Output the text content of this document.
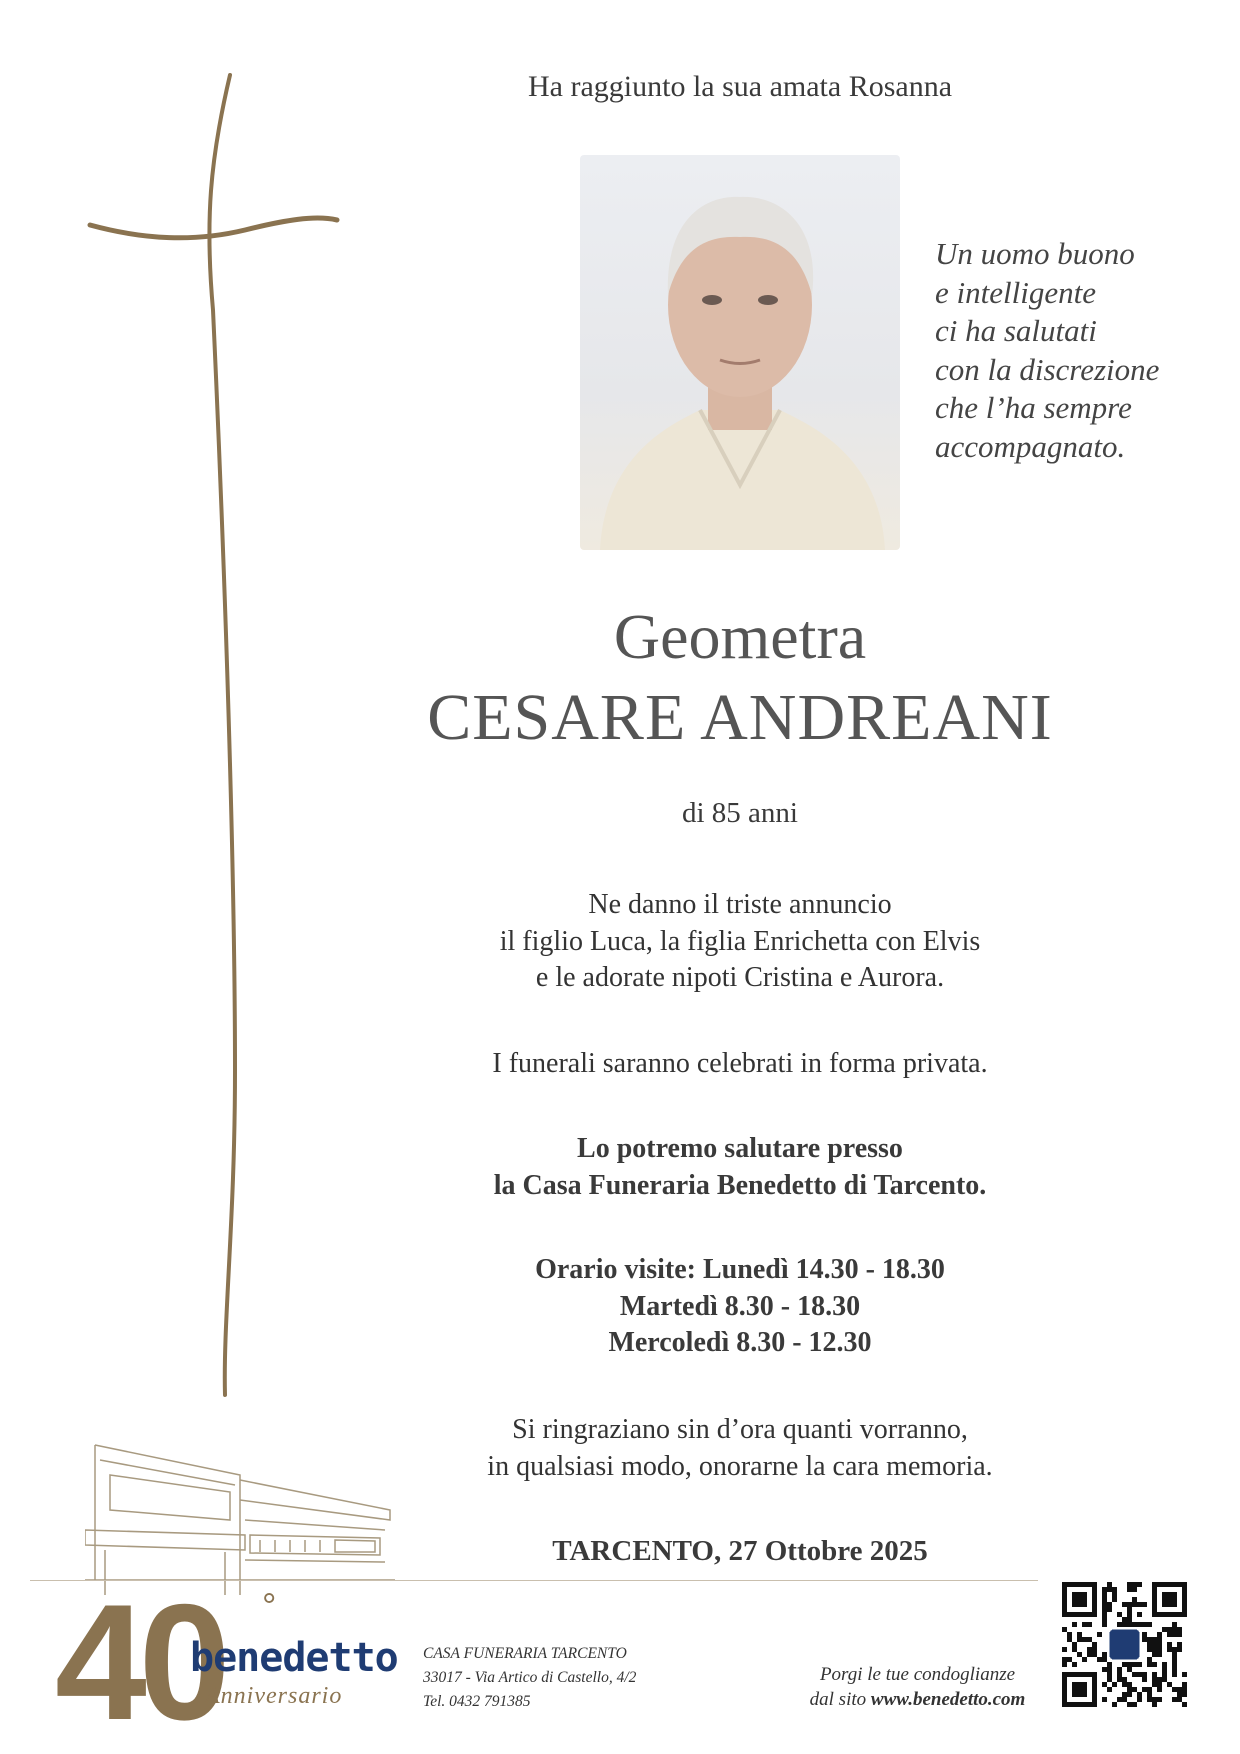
Ha raggiunto la sua amata Rosanna
Un uomo buono
e intelligente
ci ha salutati
con la discrezione
che l’ha sempre
accompagnato.
Geometra
CESARE ANDREANI
di 85 anni
Ne danno il triste annuncio
il figlio Luca, la figlia Enrichetta con Elvis
e le adorate nipoti Cristina e Aurora.
I funerali saranno celebrati in forma privata.
Lo potremo salutare presso
la Casa Funeraria Benedetto di Tarcento.
Orario visite: Lunedì 14.30 - 18.30
Martedì 8.30 - 18.30
Mercoledì 8.30 - 12.30
Si ringraziano sin d’ora quanti vorranno,
in qualsiasi modo, onorarne la cara memoria.
TARCENTO, 27 Ottobre 2025
40 °
benedetto
Anniversario
CASA FUNERARIA TARCENTO
33017 - Via Artico di Castello, 4/2
Tel. 0432 791385
Porgi le tue condoglianze
dal sito www.benedetto.com
